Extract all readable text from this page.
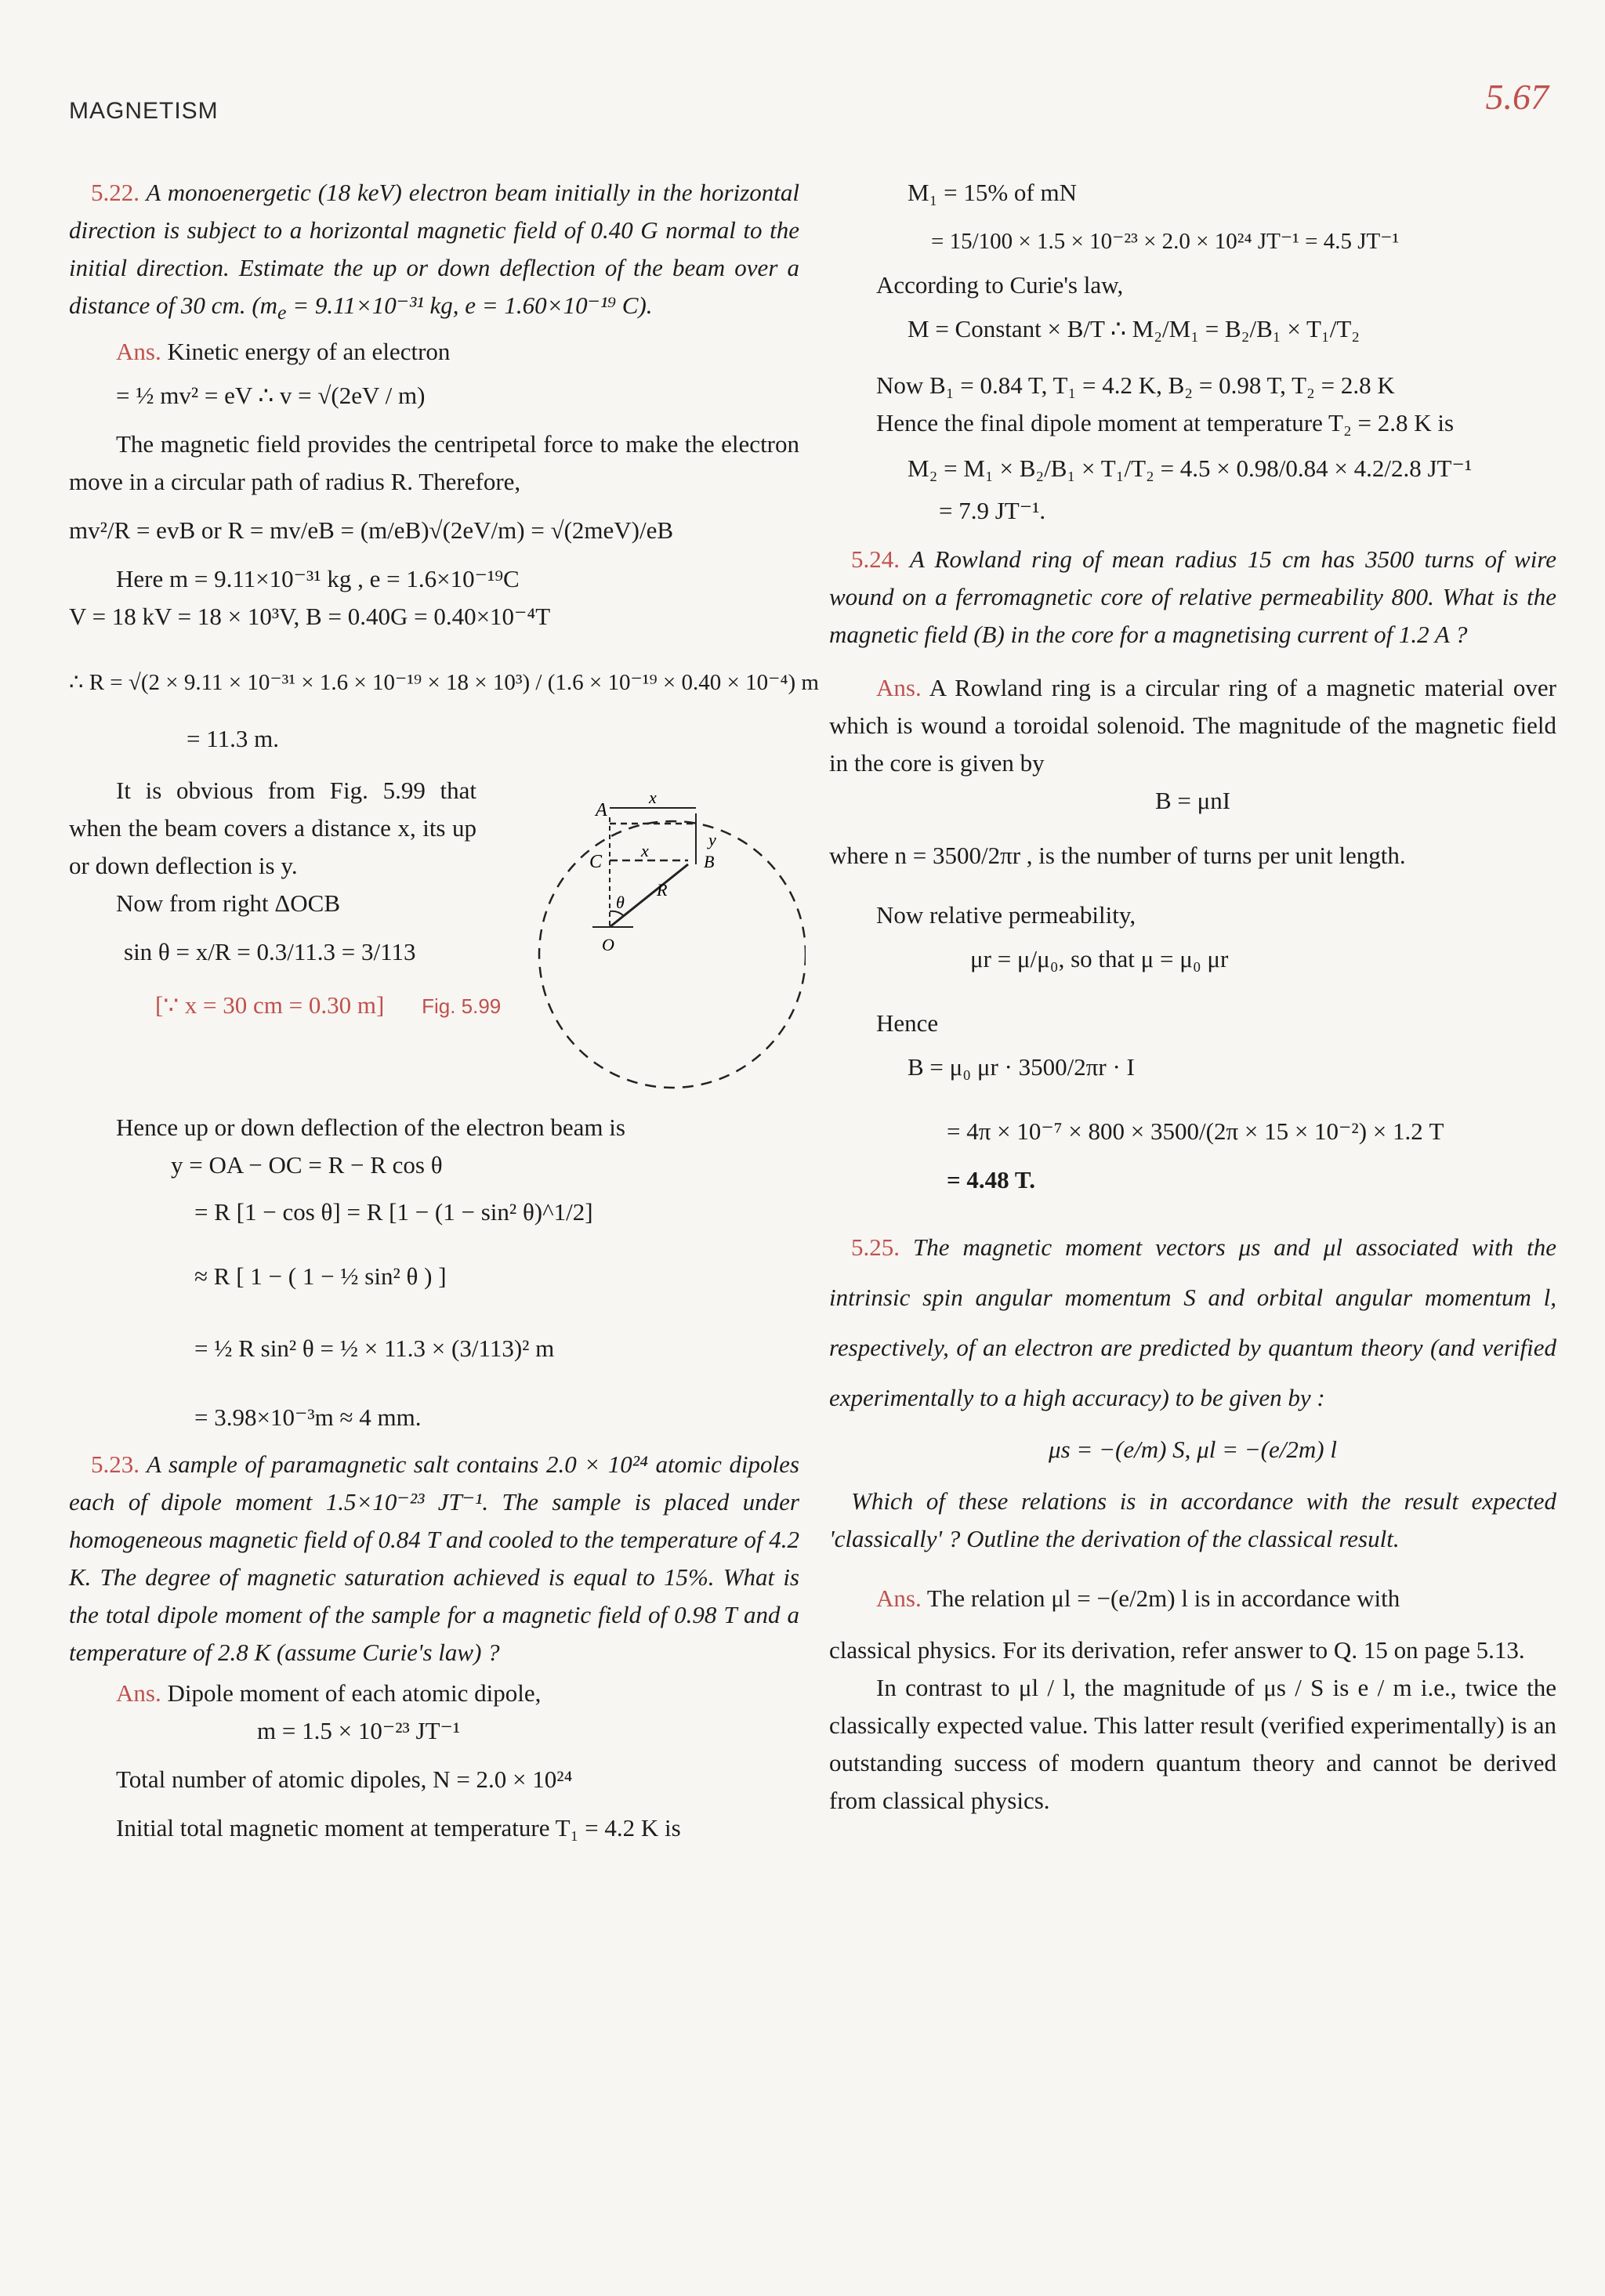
MAGNETISM	5.67

5.22. A monoenergetic (18 keV) electron beam initially in the horizontal direction is subject to a horizontal magnetic field of 0.40 G normal to the initial direction. Estimate the up or down deflection of the beam over a distance of 30 cm. ($m_e = 9.11\times 10^{-31}$ kg, e = 1.60×10⁻¹⁹ C).

Ans. Kinetic energy of an electron

= ½ mv² = eV ∴ v = √(2eV / m)

The magnetic field provides the centripetal force to make the electron move in a circular path of radius R. Therefore,

mv²/R = evB or R = mv/eB = (m/eB)√(2eV/m) = √(2meV)/eB

Here m = 9.11×10⁻³¹ kg , e = 1.6×10⁻¹⁹C

V = 18 kV = 18 × 10³V, B = 0.40G = 0.40×10⁻⁴T

∴ R = √(2 × 9.11 × 10⁻³¹ × 1.6 × 10⁻¹⁹ × 18 × 10³) / (1.6 × 10⁻¹⁹ × 0.40 × 10⁻⁴) m

= 11.3 m.

It is obvious from Fig. 5.99 that when the beam covers a distance x, its up or down deflection is y.

Now from right ΔOCB

sin θ = x/R = 0.3/11.3 = 3/113

[∵ x = 30 cm = 0.30 m] Fig. 5.99

A
x
y
B
C
x
θ
R
O

Hence up or down deflection of the electron beam is

y = OA − OC = R − R cos θ

= R [1 − cos θ] = R [1 − (1 − sin² θ)^1/2]

≈ R [ 1 − ( 1 − ½ sin² θ ) ]

= ½ R sin² θ = ½ × 11.3 × (3/113)² m

= 3.98×10⁻³m ≈ 4 mm.

5.23. A sample of paramagnetic salt contains 2.0 × 10²⁴ atomic dipoles each of dipole moment 1.5×10⁻²³ JT⁻¹. The sample is placed under homogeneous magnetic field of 0.84 T and cooled to the temperature of 4.2 K. The degree of magnetic saturation achieved is equal to 15%. What is the total dipole moment of the sample for a magnetic field of 0.98 T and a temperature of 2.8 K (assume Curie's law) ?

Ans. Dipole moment of each atomic dipole,

m = 1.5 × 10⁻²³ JT⁻¹

Total number of atomic dipoles, N = 2.0 × 10²⁴

Initial total magnetic moment at temperature T₁ = 4.2 K is

M₁ = 15% of mN

= 15/100 × 1.5 × 10⁻²³ × 2.0 × 10²⁴ JT⁻¹ = 4.5 JT⁻¹

According to Curie's law,

M = Constant × B/T ∴ M₂/M₁ = B₂/B₁ × T₁/T₂

Now B₁ = 0.84 T, T₁ = 4.2 K, B₂ = 0.98 T, T₂ = 2.8 K

Hence the final dipole moment at temperature T₂ = 2.8 K is

M₂ = M₁ × B₂/B₁ × T₁/T₂ = 4.5 × 0.98/0.84 × 4.2/2.8 JT⁻¹

= 7.9 JT⁻¹.

5.24. A Rowland ring of mean radius 15 cm has 3500 turns of wire wound on a ferromagnetic core of relative permeability 800. What is the magnetic field (B) in the core for a magnetising current of 1.2 A ?

Ans. A Rowland ring is a circular ring of a magnetic material over which is wound a toroidal solenoid. The magnitude of the magnetic field in the core is given by

B = μnI

where n = 3500/2πr , is the number of turns per unit length.

Now relative permeability,

μr = μ/μ₀, so that μ = μ₀ μr

Hence

B = μ₀ μr · 3500/2πr · I

= 4π × 10⁻⁷ × 800 × 3500/(2π × 15 × 10⁻²) × 1.2 T

= 4.48 T.

5.25. The magnetic moment vectors μs and μl associated with the intrinsic spin angular momentum S and orbital angular momentum l, respectively, of an electron are predicted by quantum theory (and verified experimentally to a high accuracy) to be given by :

μs = −(e/m) S, μl = −(e/2m) l

Which of these relations is in accordance with the result expected 'classically' ? Outline the derivation of the classical result.

Ans. The relation μl = −(e/2m) l is in accordance with

classical physics. For its derivation, refer answer to Q. 15 on page 5.13.

In contrast to μl / l, the magnitude of μs / S is e / m i.e., twice the classically expected value. This latter result (verified experimentally) is an outstanding success of modern quantum theory and cannot be derived from classical physics.
